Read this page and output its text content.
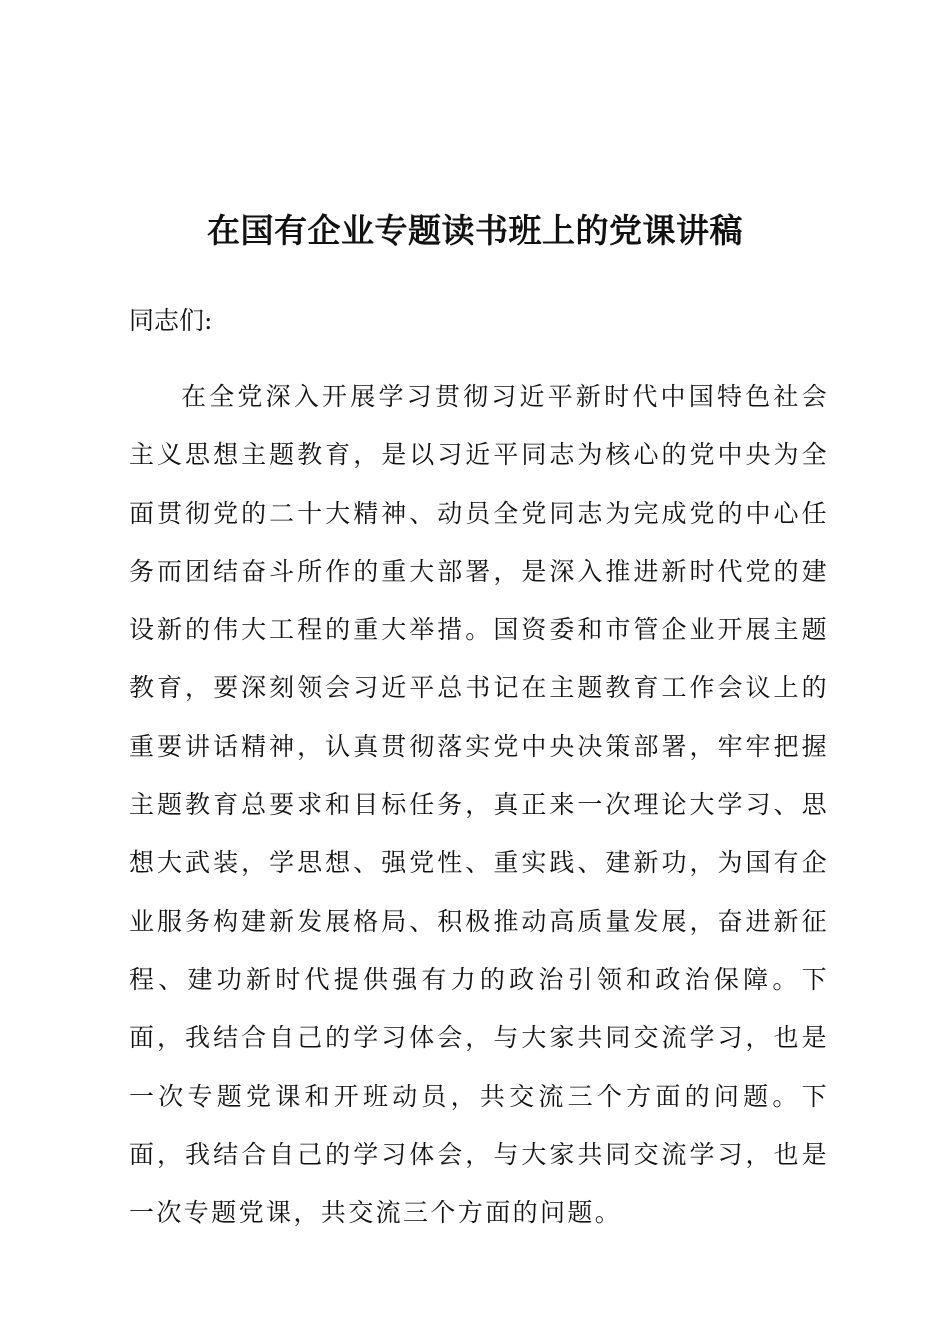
在国有企业专题读书班上的党课讲稿

同志们:

在全党深入开展学习贯彻习近平新时代中国特色社会主义思想主题教育，是以习近平同志为核心的党中央为全面贯彻党的二十大精神、动员全党同志为完成党的中心任务而团结奋斗所作的重大部署，是深入推进新时代党的建设新的伟大工程的重大举措。国资委和市管企业开展主题教育，要深刻领会习近平总书记在主题教育工作会议上的重要讲话精神，认真贯彻落实党中央决策部署，牢牢把握主题教育总要求和目标任务，真正来一次理论大学习、思想大武装，学思想、强党性、重实践、建新功，为国有企业服务构建新发展格局、积极推动高质量发展，奋进新征程、建功新时代提供强有力的政治引领和政治保障。下面，我结合自己的学习体会，与大家共同交流学习，也是一次专题党课和开班动员，共交流三个方面的问题。下面，我结合自己的学习体会，与大家共同交流学习，也是一次专题党课，共交流三个方面的问题。
